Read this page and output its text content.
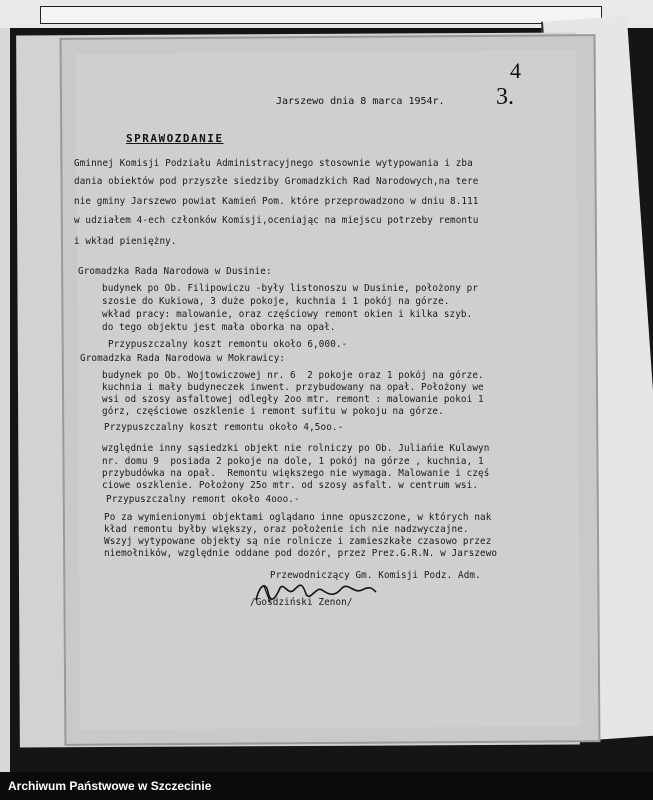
4
3.
Jarszewo dnia 8 marca 1954r.
SPRAWOZDANIE
Gminnej Komisji Podziału Administracyjnego stosownie wytypowania i zba
dania obiektów pod przyszłe siedziby Gromadzkich Rad Narodowych,na tere
nie gminy Jarszewo powiat Kamień Pom. które przeprowadzono w dniu 8.111
w udziałem 4-ech członków Komisji,oceniając na miejscu potrzeby remontu
i wkład pieniężny.
Gromadzka Rada Narodowa w Dusinie:
budynek po Ob. Filipowiczu -były listonoszu w Dusinie, położony pr
szosie do Kukiowa, 3 duże pokoje, kuchnia i 1 pokój na górze.
wkład pracy: malowanie, oraz częściowy remont okien i kilka szyb.
do tego objektu jest mała oborka na opał.
Przypuszczalny koszt remontu około 6,000.-
Gromadzka Rada Narodowa w Mokrawicy:
budynek po Ob. Wojtowiczowej nr. 6  2 pokoje oraz 1 pokój na górze.
kuchnia i mały budyneczek inwent. przybudowany na opał. Położony we
wsi od szosy asfaltowej odległy 2oo mtr. remont : malowanie pokoi 1
górz, częściowe oszklenie i remont sufitu w pokoju na górze.
Przypuszczalny koszt remontu około 4,5oo.-
względnie inny sąsiedzki objekt nie rolniczy po Ob. Juliańie Kulawyn
nr. domu 9  posiada 2 pokoje na dole, 1 pokój na górze , kuchnia, 1
przybudówka na opał.  Remontu większego nie wymaga. Malowanie i częś
ciowe oszklenie. Położony 25o mtr. od szosy asfalt. w centrum wsi.
Przypuszczalny remont około 4ooo.-
Po za wymienionymi objektami oglądano inne opuszczone, w których nak
kład remontu byłby większy, oraz położenie ich nie nadzwyczajne.
Wszyj wytypowane objekty są nie rolnicze i zamieszkałe czasowo przez
niemołników, względnie oddane pod dozór, przez Prez.G.R.N. w Jarszewo
Przewodniczący Gm. Komisji Podz. Adm.
/Gosdziński Zenon/
Archiwum Państwowe w Szczecinie
